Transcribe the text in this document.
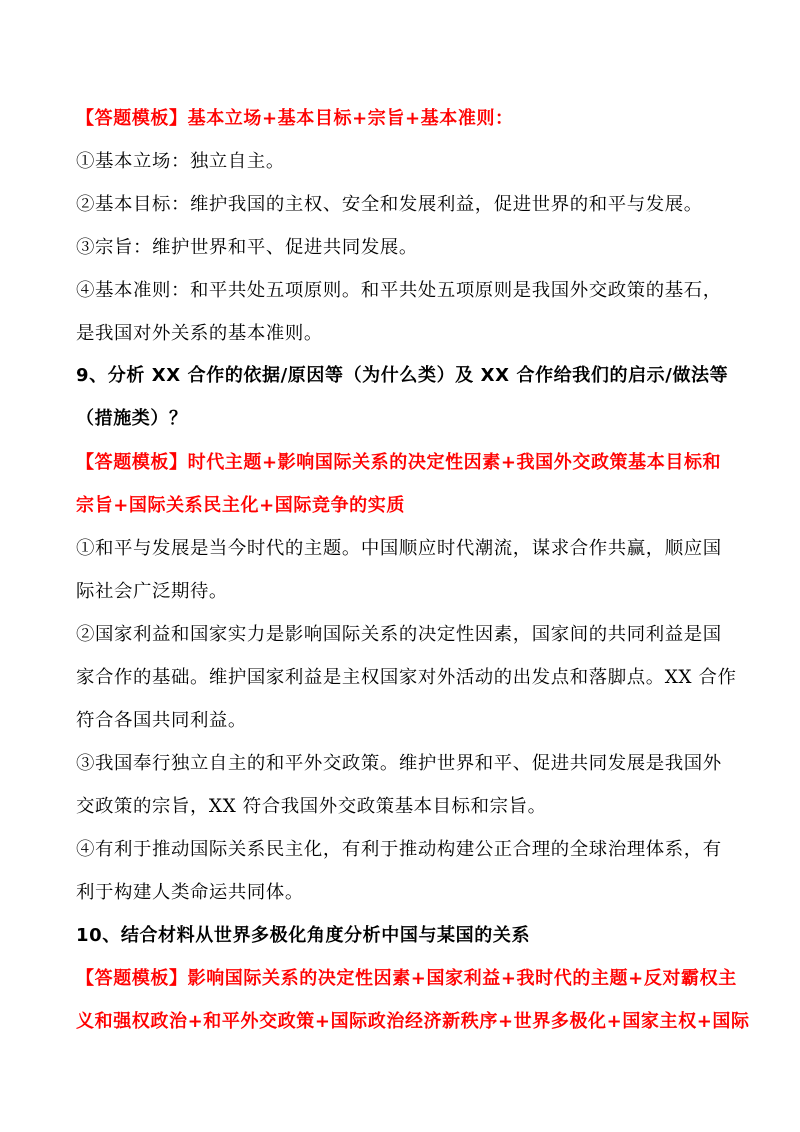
【答题模板】基本立场+基本目标+宗旨+基本准则：
①基本立场：独立自主。
②基本目标：维护我国的主权、安全和发展利益，促进世界的和平与发展。
③宗旨：维护世界和平、促进共同发展。
④基本准则：和平共处五项原则。和平共处五项原则是我国外交政策的基石，
是我国对外关系的基本准则。
9、分析 XX 合作的依据/原因等（为什么类）及 XX 合作给我们的启示/做法等
（措施类）？
【答题模板】时代主题+影响国际关系的决定性因素+我国外交政策基本目标和
宗旨+国际关系民主化+国际竞争的实质
①和平与发展是当今时代的主题。中国顺应时代潮流，谋求合作共赢，顺应国
际社会广泛期待。
②国家利益和国家实力是影响国际关系的决定性因素，国家间的共同利益是国
家合作的基础。维护国家利益是主权国家对外活动的出发点和落脚点。XX 合作
符合各国共同利益。
③我国奉行独立自主的和平外交政策。维护世界和平、促进共同发展是我国外
交政策的宗旨，XX 符合我国外交政策基本目标和宗旨。
④有利于推动国际关系民主化，有利于推动构建公正合理的全球治理体系，有
利于构建人类命运共同体。
10、结合材料从世界多极化角度分析中国与某国的关系
【答题模板】影响国际关系的决定性因素+国家利益+我时代的主题+反对霸权主
义和强权政治+和平外交政策+国际政治经济新秩序+世界多极化+国家主权+国际
